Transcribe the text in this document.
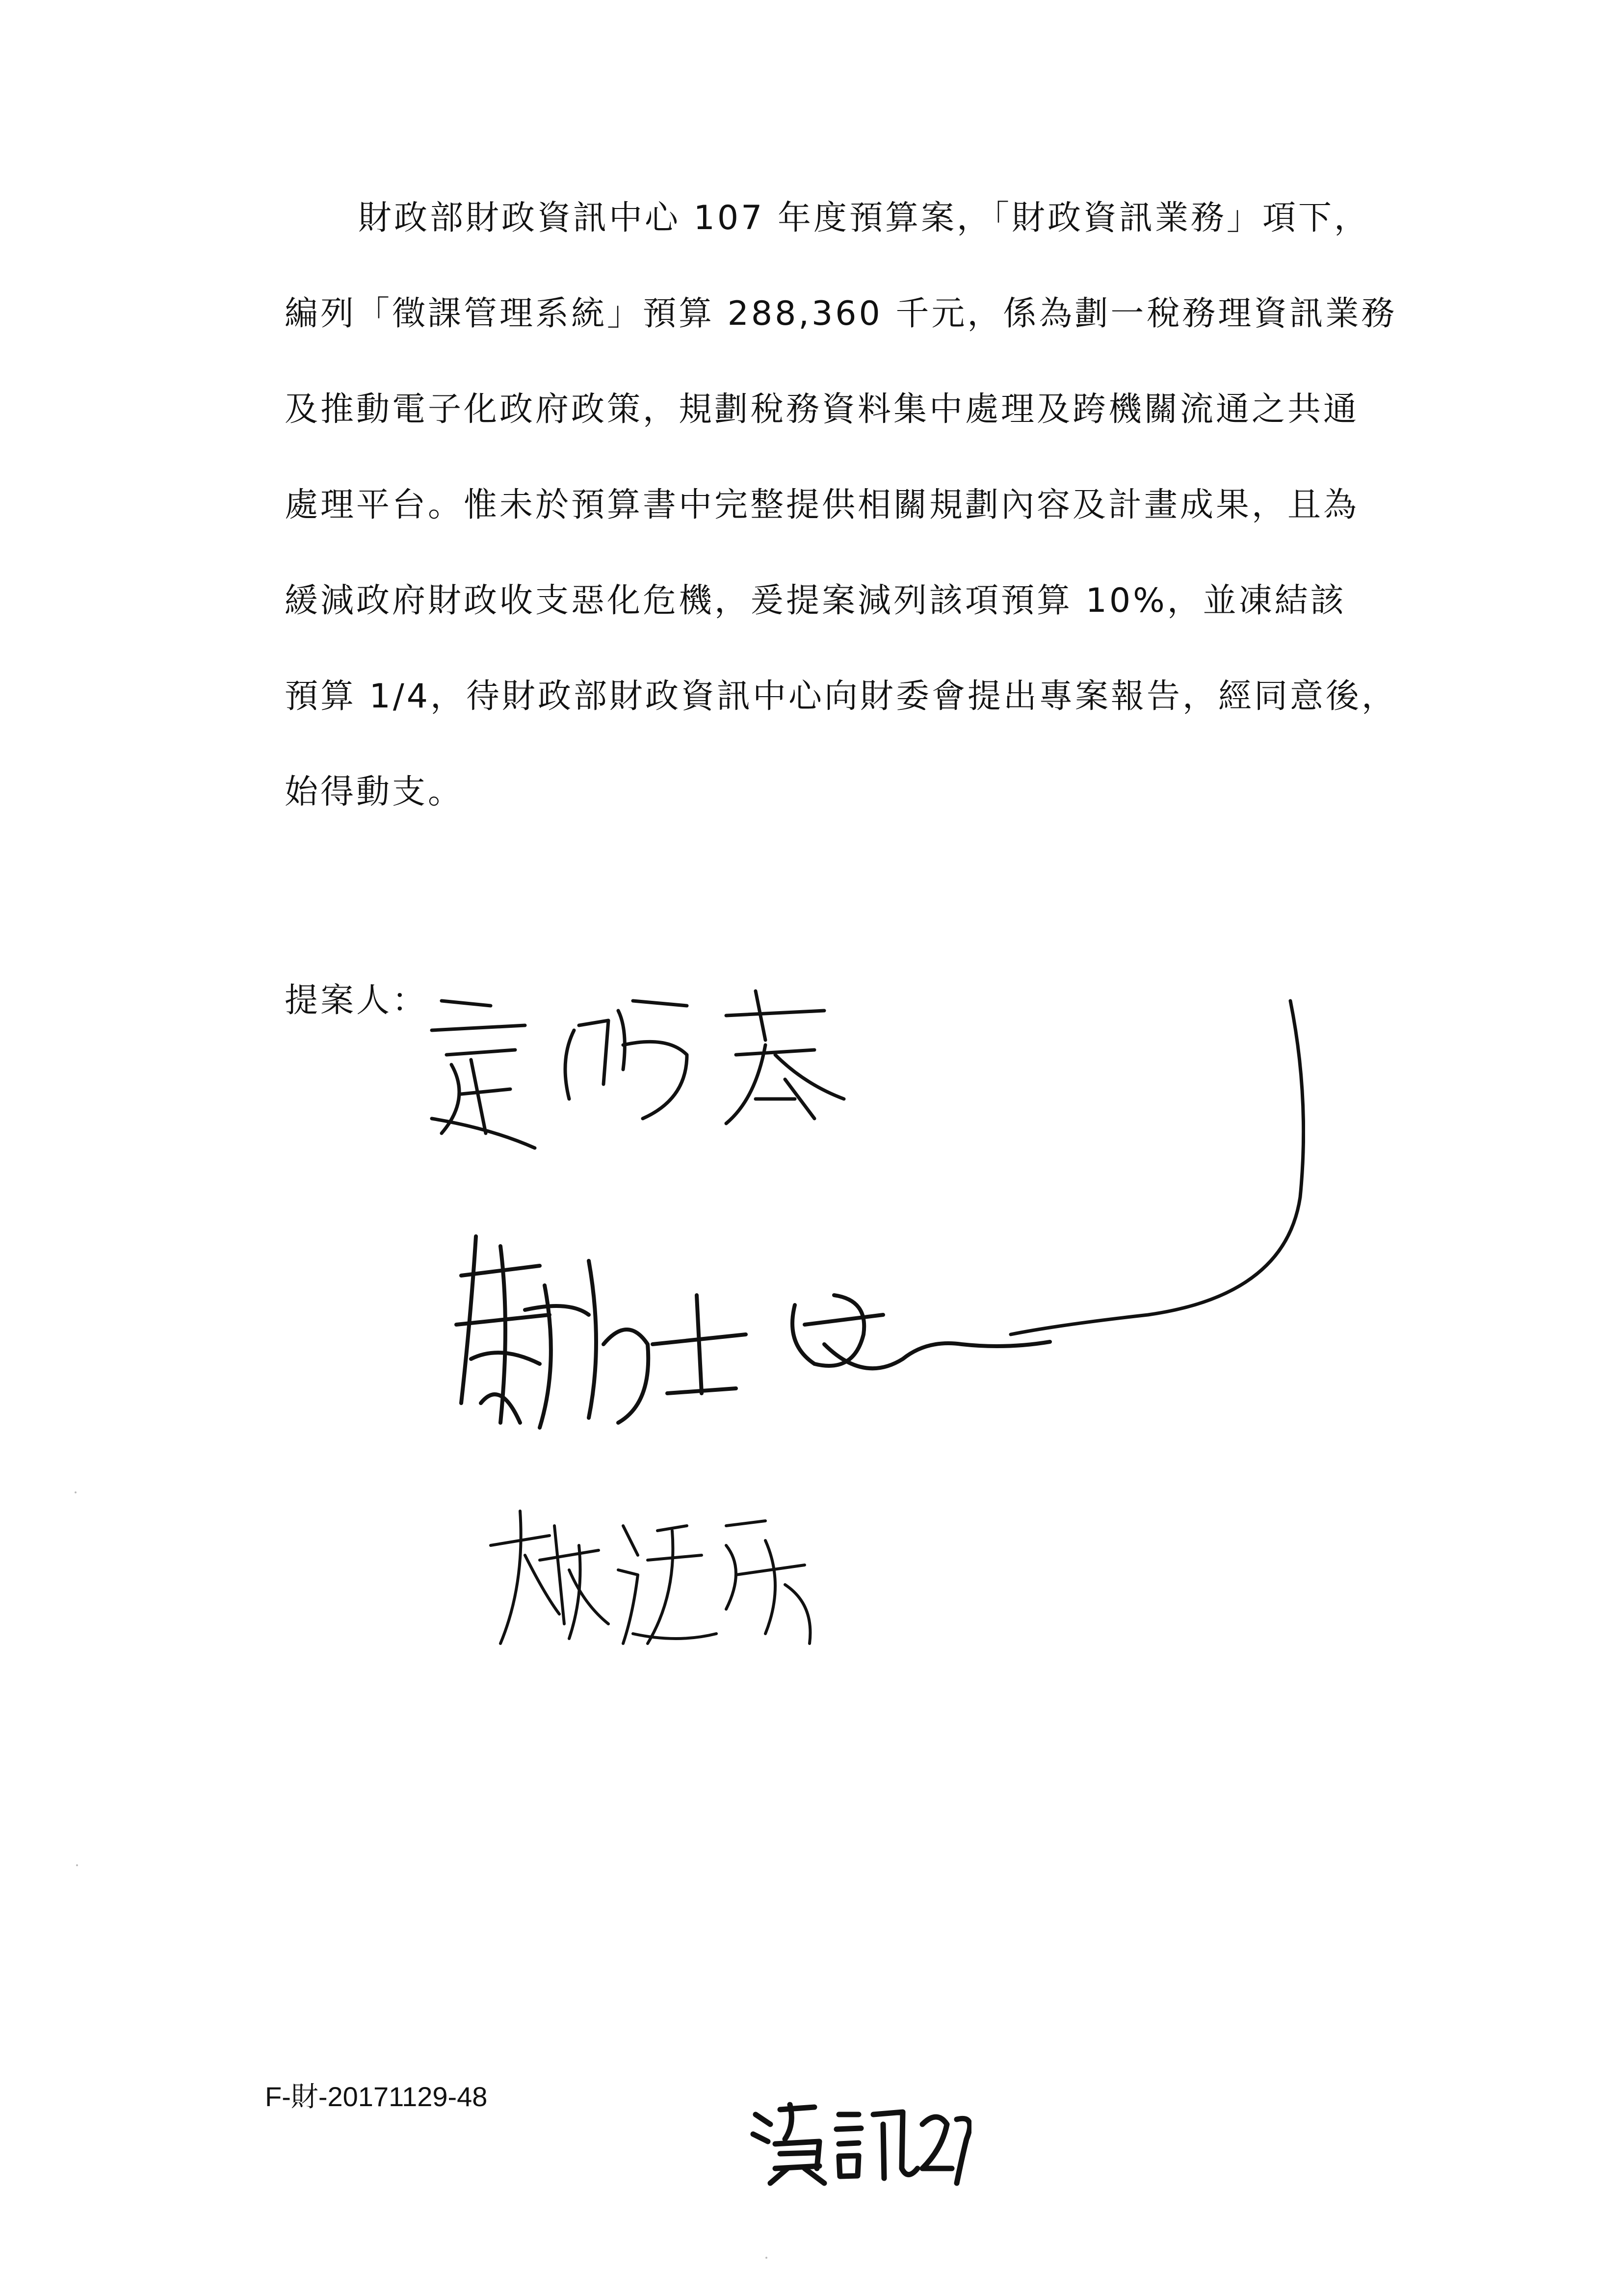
財政部財政資訊中心 107 年度預算案，「財政資訊業務」項下，
編列「徵課管理系統」預算 288,360 千元，係為劃一稅務理資訊業務
及推動電子化政府政策，規劃稅務資料集中處理及跨機關流通之共通
處理平台。惟未於預算書中完整提供相關規劃內容及計畫成果，且為
緩減政府財政收支惡化危機，爰提案減列該項預算 10%，並凍結該
預算 1/4，待財政部財政資訊中心向財委會提出專案報告，經同意後，
始得動支。
提案人：
F-財-20171129-48
